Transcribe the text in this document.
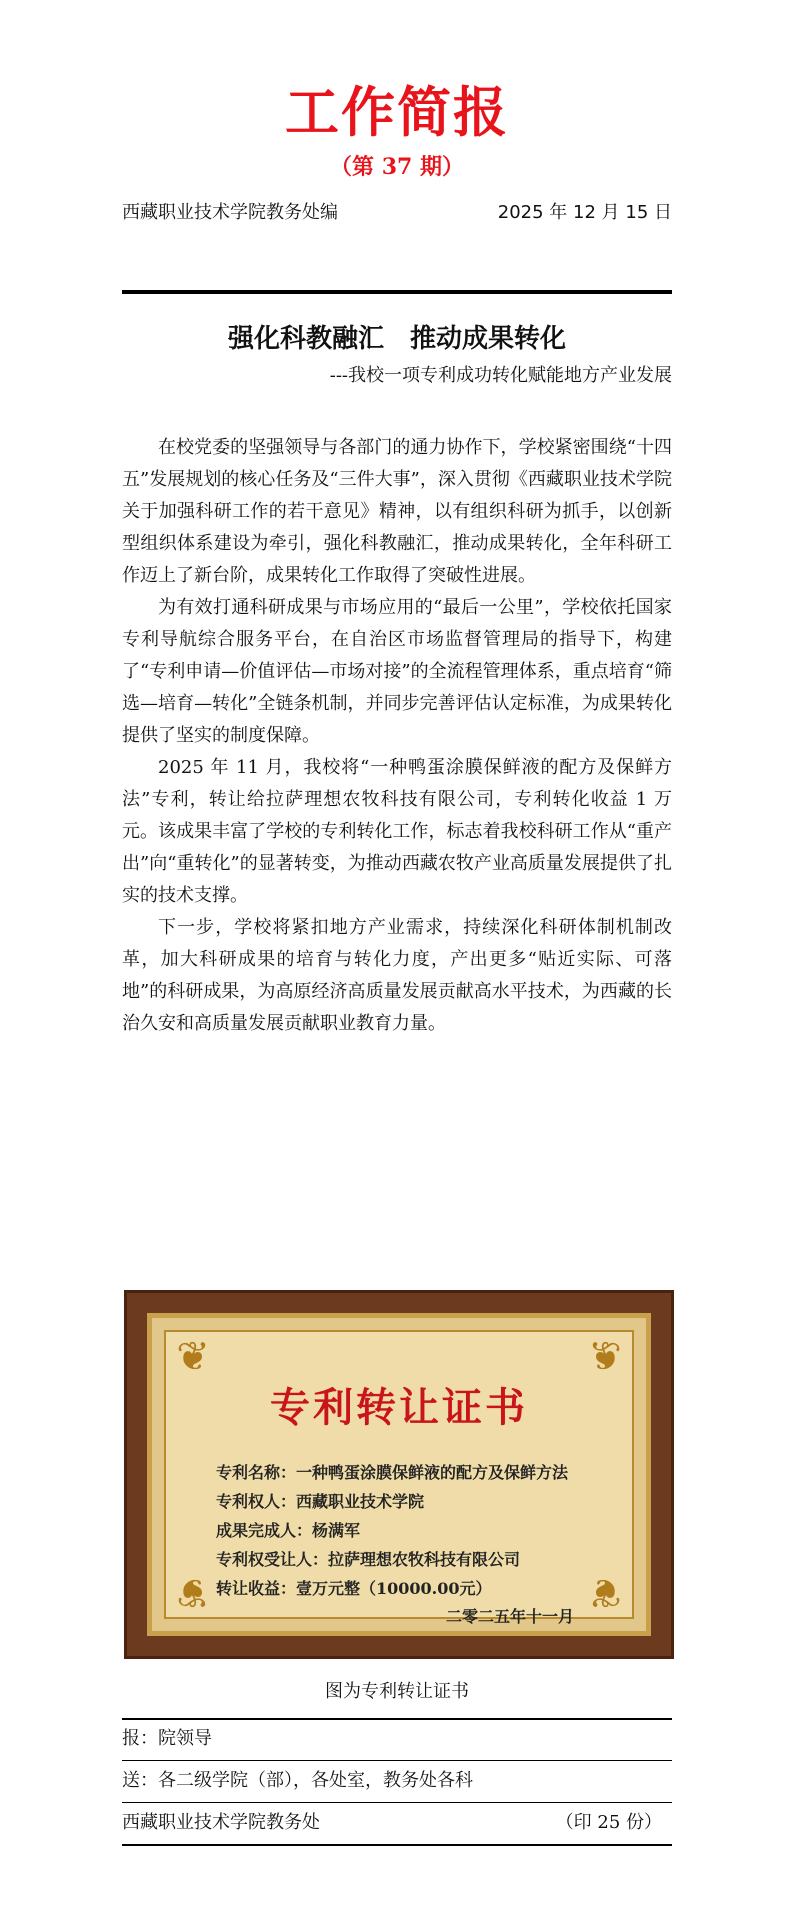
工作简报
（第 37 期）
西藏职业技术学院教务处编	2025 年 12 月 15 日
强化科教融汇　推动成果转化
---我校一项专利成功转化赋能地方产业发展

在校党委的坚强领导与各部门的通力协作下，学校紧密围绕“十四五”发展规划的核心任务及“三件大事”，深入贯彻《西藏职业技术学院关于加强科研工作的若干意见》精神，以有组织科研为抓手，以创新型组织体系建设为牵引，强化科教融汇，推动成果转化，全年科研工作迈上了新台阶，成果转化工作取得了突破性进展。

为有效打通科研成果与市场应用的“最后一公里”，学校依托国家专利导航综合服务平台，在自治区市场监督管理局的指导下，构建了“专利申请—价值评估—市场对接”的全流程管理体系，重点培育“筛选—培育—转化”全链条机制，并同步完善评估认定标准，为成果转化提供了坚实的制度保障。

2025 年 11 月，我校将“一种鸭蛋涂膜保鲜液的配方及保鲜方法”专利，转让给拉萨理想农牧科技有限公司，专利转化收益 1 万元。该成果丰富了学校的专利转化工作，标志着我校科研工作从“重产出”向“重转化”的显著转变，为推动西藏农牧产业高质量发展提供了扎实的技术支撑。

下一步，学校将紧扣地方产业需求，持续深化科研体制机制改革，加大科研成果的培育与转化力度，产出更多“贴近实际、可落地”的科研成果，为高原经济高质量发展贡献高水平技术，为西藏的长治久安和高质量发展贡献职业教育力量。

❦	❦
❦	❦
专利转让证书
专利名称：一种鸭蛋涂膜保鲜液的配方及保鲜方法
专利权人：西藏职业技术学院
成果完成人：杨满军
专利权受让人：拉萨理想农牧科技有限公司
转让收益：壹万元整（10000.00元）
二零二五年十一月
图为专利转让证书
报：院领导
送：各二级学院（部），各处室，教务处各科
西藏职业技术学院教务处	（印 25 份）
